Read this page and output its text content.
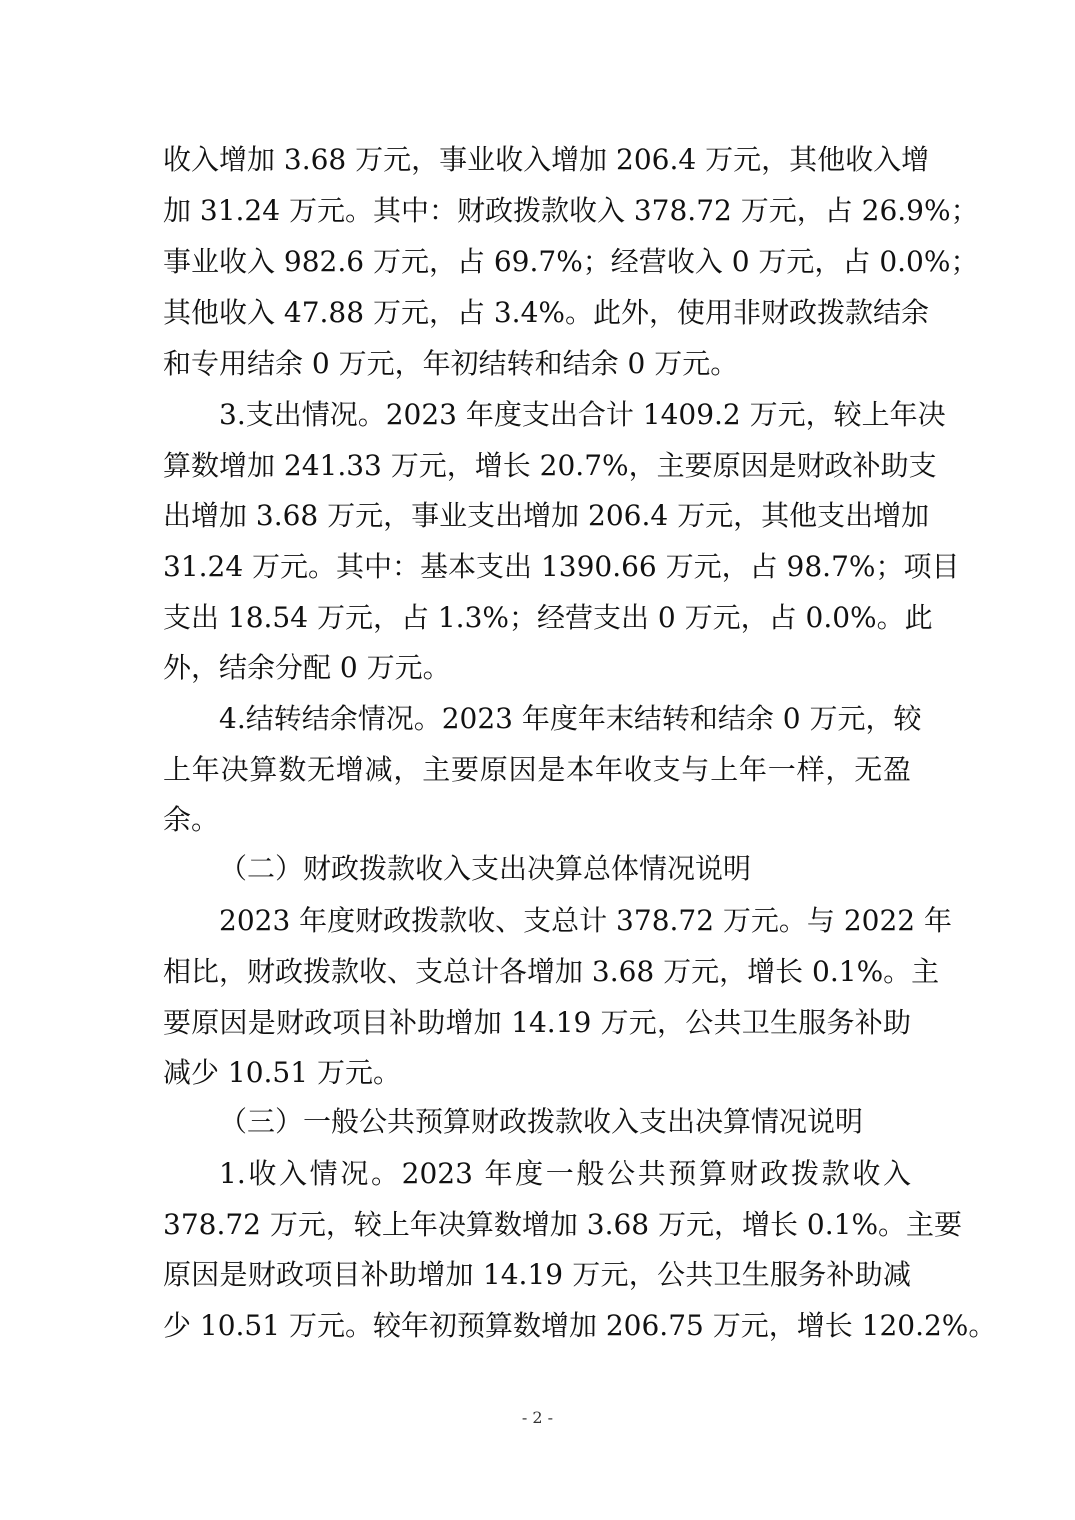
收入增加 3.68 万元，事业收入增加 206.4 万元，其他收入增
加 31.24 万元。其中：财政拨款收入 378.72 万元，占 26.9%；
事业收入 982.6 万元，占 69.7%；经营收入 0 万元，占 0.0%；
其他收入 47.88 万元，占 3.4%。此外，使用非财政拨款结余
和专用结余 0 万元，年初结转和结余 0 万元。
3.支出情况。2023 年度支出合计 1409.2 万元，较上年决
算数增加 241.33 万元，增长 20.7%，主要原因是财政补助支
出增加 3.68 万元，事业支出增加 206.4 万元，其他支出增加
31.24 万元。其中：基本支出 1390.66 万元，占 98.7%；项目
支出 18.54 万元，占 1.3%；经营支出 0 万元，占 0.0%。此
外，结余分配 0 万元。
4.结转结余情况。2023 年度年末结转和结余 0 万元，较
上年决算数无增减，主要原因是本年收支与上年一样，无盈
余。
（二）财政拨款收入支出决算总体情况说明
2023 年度财政拨款收、支总计 378.72 万元。与 2022 年
相比，财政拨款收、支总计各增加 3.68 万元，增长 0.1%。主
要原因是财政项目补助增加 14.19 万元，公共卫生服务补助
减少 10.51 万元。
（三）一般公共预算财政拨款收入支出决算情况说明
1.收入情况。2023 年度一般公共预算财政拨款收入
378.72 万元，较上年决算数增加 3.68 万元，增长 0.1%。主要
原因是财政项目补助增加 14.19 万元，公共卫生服务补助减
少 10.51 万元。较年初预算数增加 206.75 万元，增长 120.2%。
- 2 -
